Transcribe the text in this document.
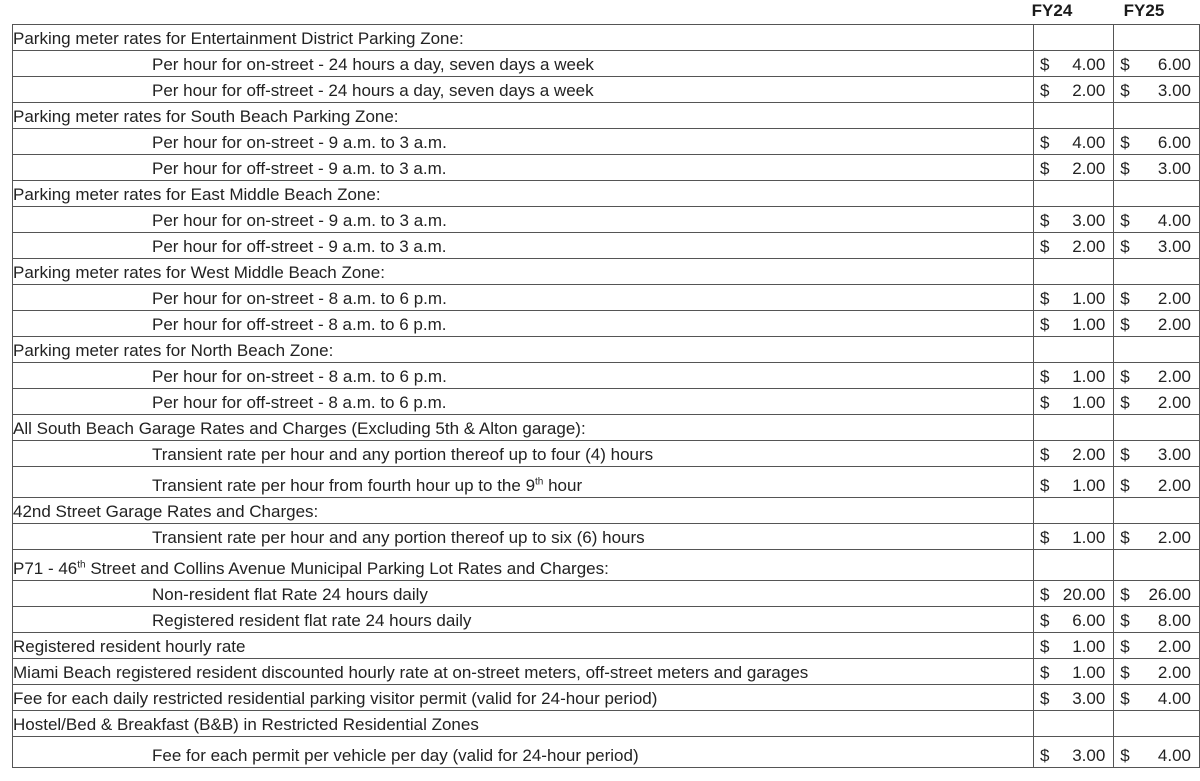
FY24	FY25
Parking meter rates for Entertainment District Parking Zone:		
Per hour for on-street - 24 hours a day, seven days a week	$ 4.00	$ 6.00

Per hour for off-street - 24 hours a day, seven days a week	$ 2.00	$ 3.00

Parking meter rates for South Beach Parking Zone:		
Per hour for on-street - 9 a.m. to 3 a.m.	$ 4.00	$ 6.00

Per hour for off-street - 9 a.m. to 3 a.m.	$ 2.00	$ 3.00

Parking meter rates for East Middle Beach Zone:		
Per hour for on-street - 9 a.m. to 3 a.m.	$ 3.00	$ 4.00

Per hour for off-street - 9 a.m. to 3 a.m.	$ 2.00	$ 3.00

Parking meter rates for West Middle Beach Zone:		
Per hour for on-street - 8 a.m. to 6 p.m.	$ 1.00	$ 2.00

Per hour for off-street - 8 a.m. to 6 p.m.	$ 1.00	$ 2.00

Parking meter rates for North Beach Zone:		
Per hour for on-street - 8 a.m. to 6 p.m.	$ 1.00	$ 2.00

Per hour for off-street - 8 a.m. to 6 p.m.	$ 1.00	$ 2.00

All South Beach Garage Rates and Charges (Excluding 5th & Alton garage):		
Transient rate per hour and any portion thereof up to four (4) hours	$ 2.00	$ 3.00

Transient rate per hour from fourth hour up to the 9th hour	$ 1.00	$ 2.00

42nd Street Garage Rates and Charges:		
Transient rate per hour and any portion thereof up to six (6) hours	$ 1.00	$ 2.00

P71 - 46th Street and Collins Avenue Municipal Parking Lot Rates and Charges:		
Non-resident flat Rate 24 hours daily	$ 20.00	$ 26.00

Registered resident flat rate 24 hours daily	$ 6.00	$ 8.00

Registered resident hourly rate	$ 1.00	$ 2.00

Miami Beach registered resident discounted hourly rate at on-street meters, off-street meters and garages	$ 1.00	$ 2.00

Fee for each daily restricted residential parking visitor permit (valid for 24-hour period)	$ 3.00	$ 4.00

Hostel/Bed & Breakfast (B&B) in Restricted Residential Zones		
Fee for each permit per vehicle per day (valid for 24-hour period)	$ 3.00	$ 4.00
